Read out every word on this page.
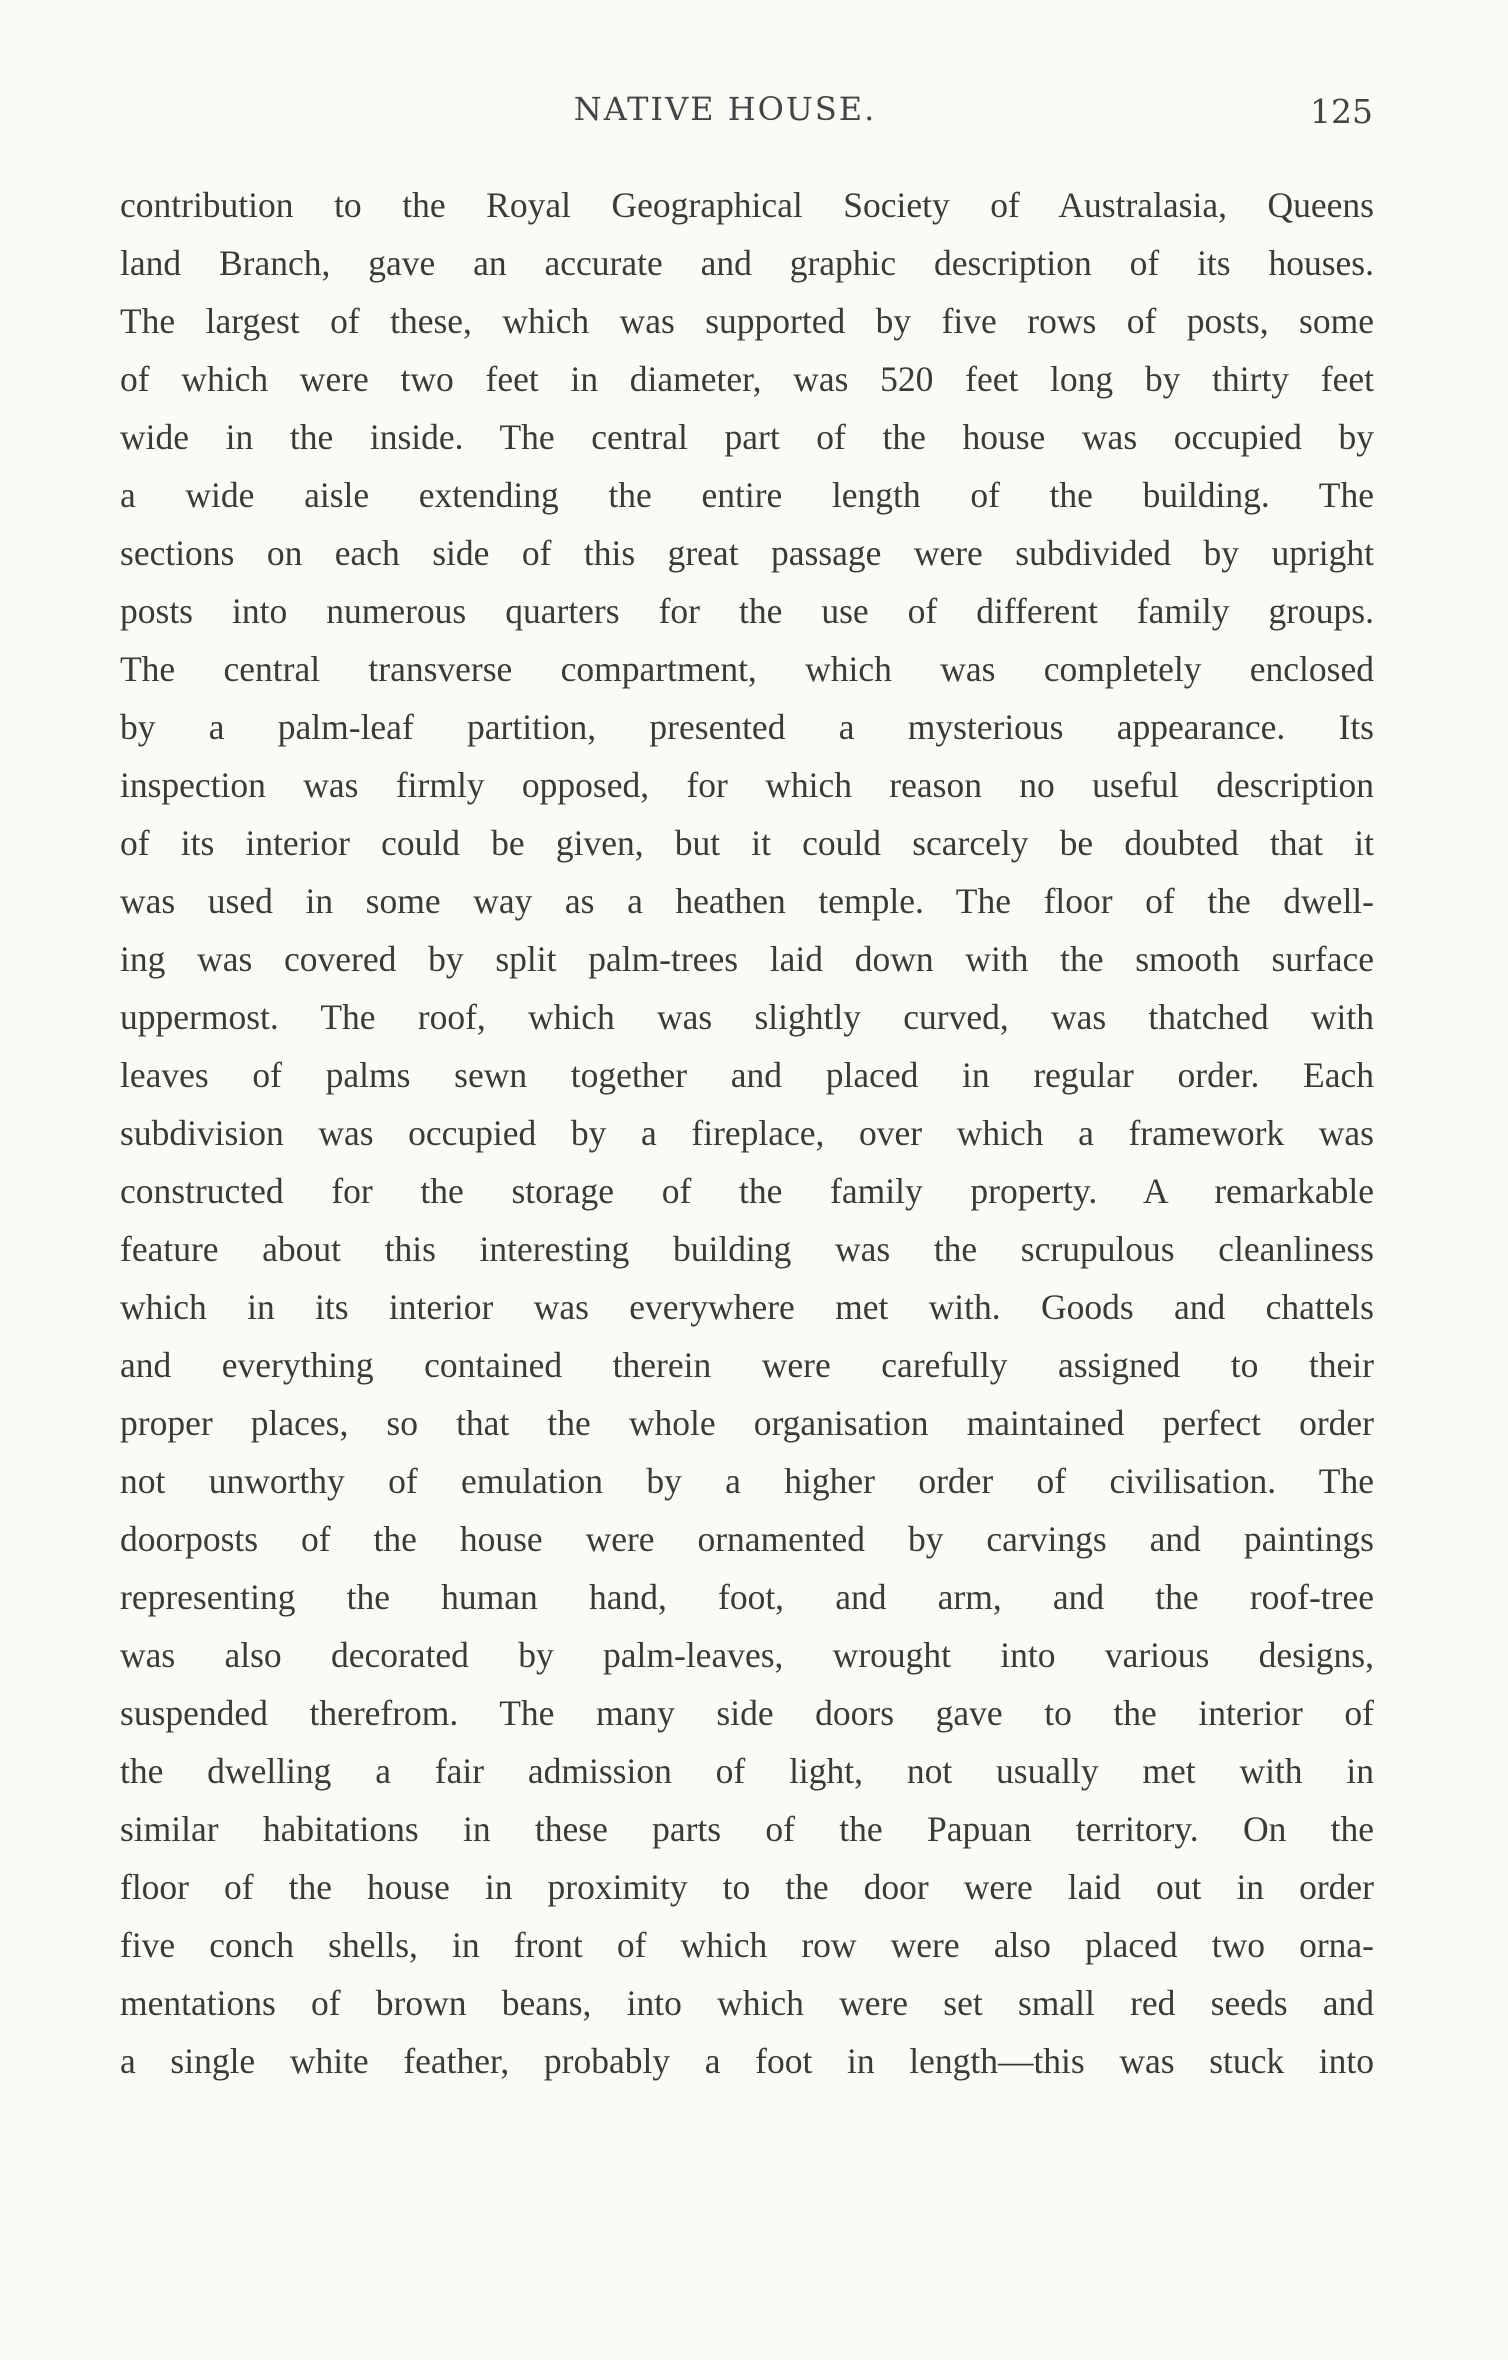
NATIVE HOUSE.	125
contribution to the Royal Geographical Society of Australasia, Queens
land Branch, gave an accurate and graphic description of its houses.
The largest of these, which was supported by five rows of posts, some
of which were two feet in diameter, was 520 feet long by thirty feet
wide in the inside. The central part of the house was occupied by
a wide aisle extending the entire length of the building. The
sections on each side of this great passage were subdivided by upright
posts into numerous quarters for the use of different family groups.
The central transverse compartment, which was completely enclosed
by a palm-leaf partition, presented a mysterious appearance. Its
inspection was firmly opposed, for which reason no useful description
of its interior could be given, but it could scarcely be doubted that it
was used in some way as a heathen temple. The floor of the dwell-
ing was covered by split palm-trees laid down with the smooth surface
uppermost. The roof, which was slightly curved, was thatched with
leaves of palms sewn together and placed in regular order. Each
subdivision was occupied by a fireplace, over which a framework was
constructed for the storage of the family property. A remarkable
feature about this interesting building was the scrupulous cleanliness
which in its interior was everywhere met with. Goods and chattels
and everything contained therein were carefully assigned to their
proper places, so that the whole organisation maintained perfect order
not unworthy of emulation by a higher order of civilisation. The
doorposts of the house were ornamented by carvings and paintings
representing the human hand, foot, and arm, and the roof-tree
was also decorated by palm-leaves, wrought into various designs,
suspended therefrom. The many side doors gave to the interior of
the dwelling a fair admission of light, not usually met with in
similar habitations in these parts of the Papuan territory. On the
floor of the house in proximity to the door were laid out in order
five conch shells, in front of which row were also placed two orna-
mentations of brown beans, into which were set small red seeds and
a single white feather, probably a foot in length—this was stuck into
